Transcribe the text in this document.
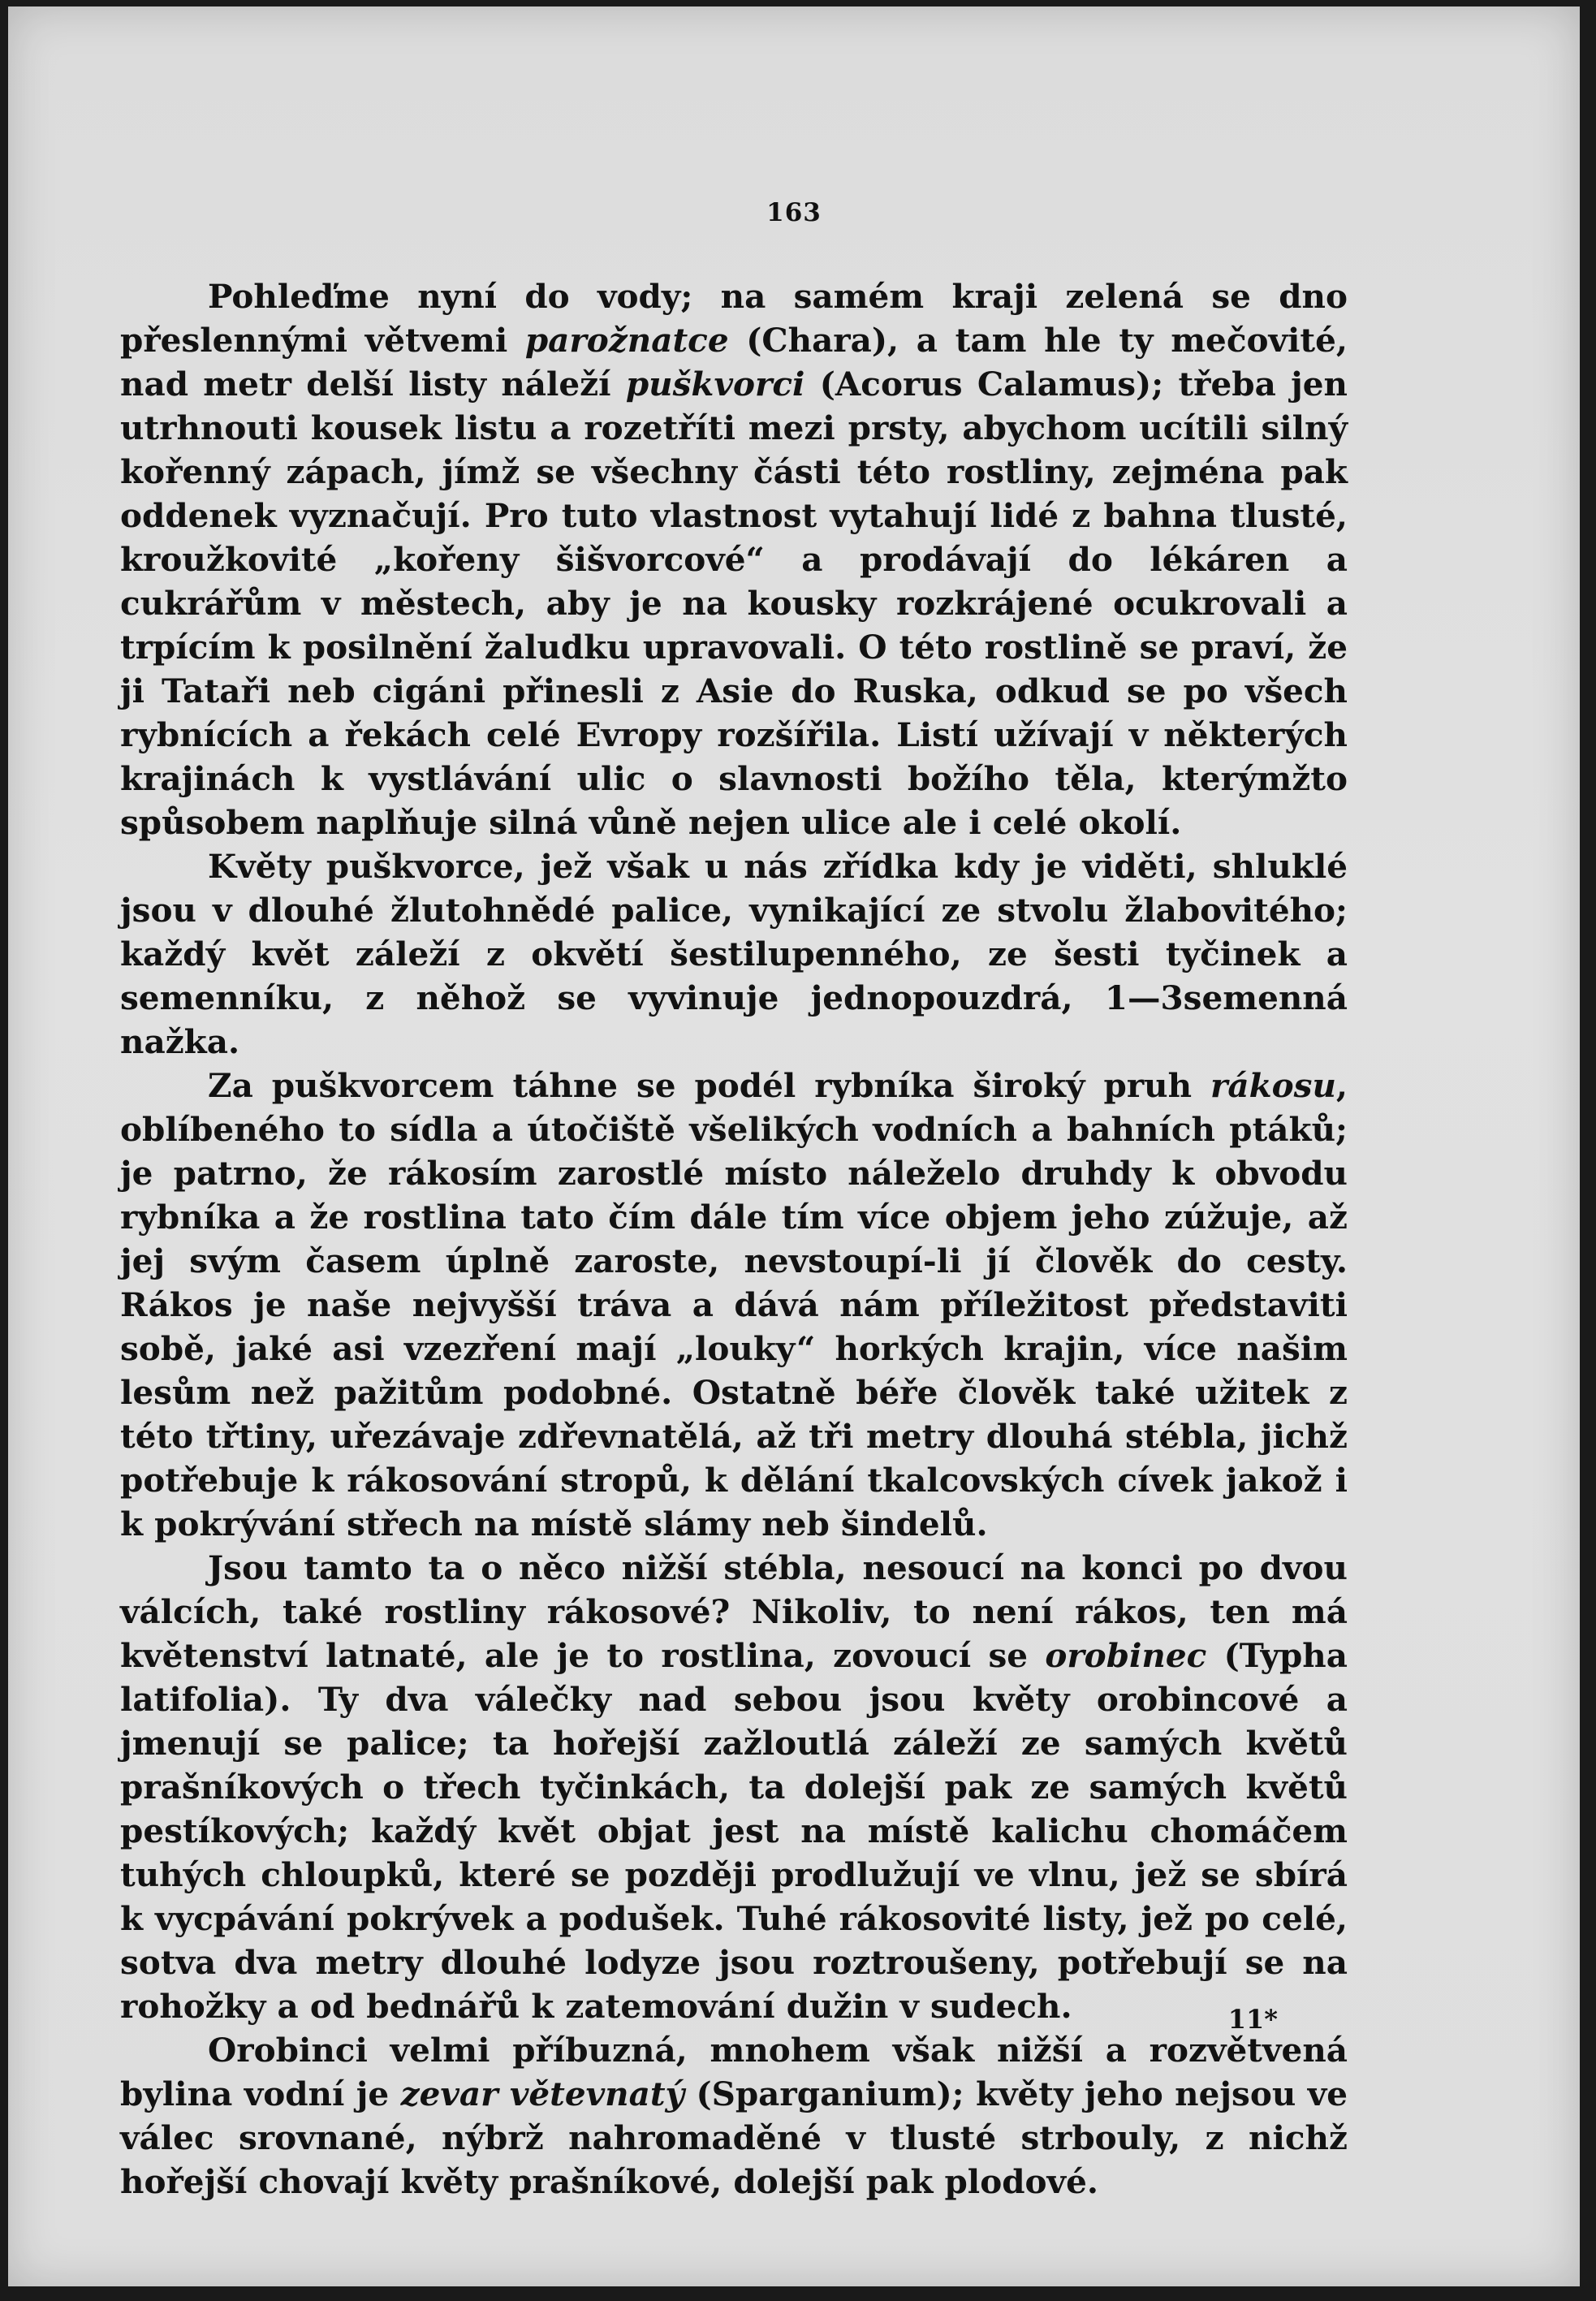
163

Pohleďme nyní do vody; na samém kraji zelená se dno přeslennými větvemi parožnatce (Chara), a tam hle ty mečovité, nad metr delší listy náleží puškvorci (Acorus Calamus); třeba jen utrhnouti kousek listu a rozetříti mezi prsty, abychom ucítili silný kořenný zápach, jímž se všechny části této rostliny, zejména pak oddenek vyznačují. Pro tuto vlastnost vytahují lidé z bahna tlusté, kroužkovité „kořeny šišvorcové“ a prodávají do lékáren a cukrářům v městech, aby je na kousky rozkrájené ocukrovali a trpícím k posilnění žaludku upravovali. O této rostlině se praví, že ji Tataři neb cigáni přinesli z Asie do Ruska, odkud se po všech rybnících a řekách celé Evropy rozšířila. Listí užívají v některých krajinách k vystlávání ulic o slavnosti božího těla, kterýmžto spůsobem naplňuje silná vůně nejen ulice ale i celé okolí.

Květy puškvorce, jež však u nás zřídka kdy je viděti, shluklé jsou v dlouhé žlutohnědé palice, vynikající ze stvolu žlabovitého; každý květ záleží z okvětí šestilupenného, ze šesti tyčinek a semenníku, z něhož se vyvinuje jednopouzdrá, 1—3semenná nažka.

Za puškvorcem táhne se podél rybníka široký pruh rákosu, oblíbeného to sídla a útočiště všelikých vodních a bahních ptáků; je patrno, že rákosím zarostlé místo náleželo druhdy k obvodu rybníka a že rostlina tato čím dále tím více objem jeho zúžuje, až jej svým časem úplně zaroste, nevstoupí-li jí člověk do cesty. Rákos je naše nejvyšší tráva a dává nám příležitost představiti sobě, jaké asi vzezření mají „louky“ horkých krajin, více našim lesům než pažitům podobné. Ostatně béře člověk také užitek z této třtiny, uřezávaje zdřevnatělá, až tři metry dlouhá stébla, jichž potřebuje k rákosování stropů, k dělání tkalcovských cívek jakož i k pokrývání střech na místě slámy neb šindelů.

Jsou tamto ta o něco nižší stébla, nesoucí na konci po dvou válcích, také rostliny rákosové? Nikoliv, to není rákos, ten má květenství latnaté, ale je to rostlina, zovoucí se orobinec (Typha latifolia). Ty dva válečky nad sebou jsou květy orobincové a jmenují se palice; ta hořejší zažloutlá záleží ze samých květů prašníkových o třech tyčinkách, ta dolejší pak ze samých květů pestíkových; každý květ objat jest na místě kalichu chomáčem tuhých chloupků, které se později prodlužují ve vlnu, jež se sbírá k vycpávání pokrývek a podušek. Tuhé rákosovité listy, jež po celé, sotva dva metry dlouhé lodyze jsou roztroušeny, potřebují se na rohožky a od bednářů k zatemování dužin v sudech.

Orobinci velmi příbuzná, mnohem však nižší a rozvětvená bylina vodní je zevar větevnatý (Sparganium); květy jeho nejsou ve válec srovnané, nýbrž nahromaděné v tlusté strbouly, z nichž hořejší chovají květy prašníkové, dolejší pak plodové.

11*
